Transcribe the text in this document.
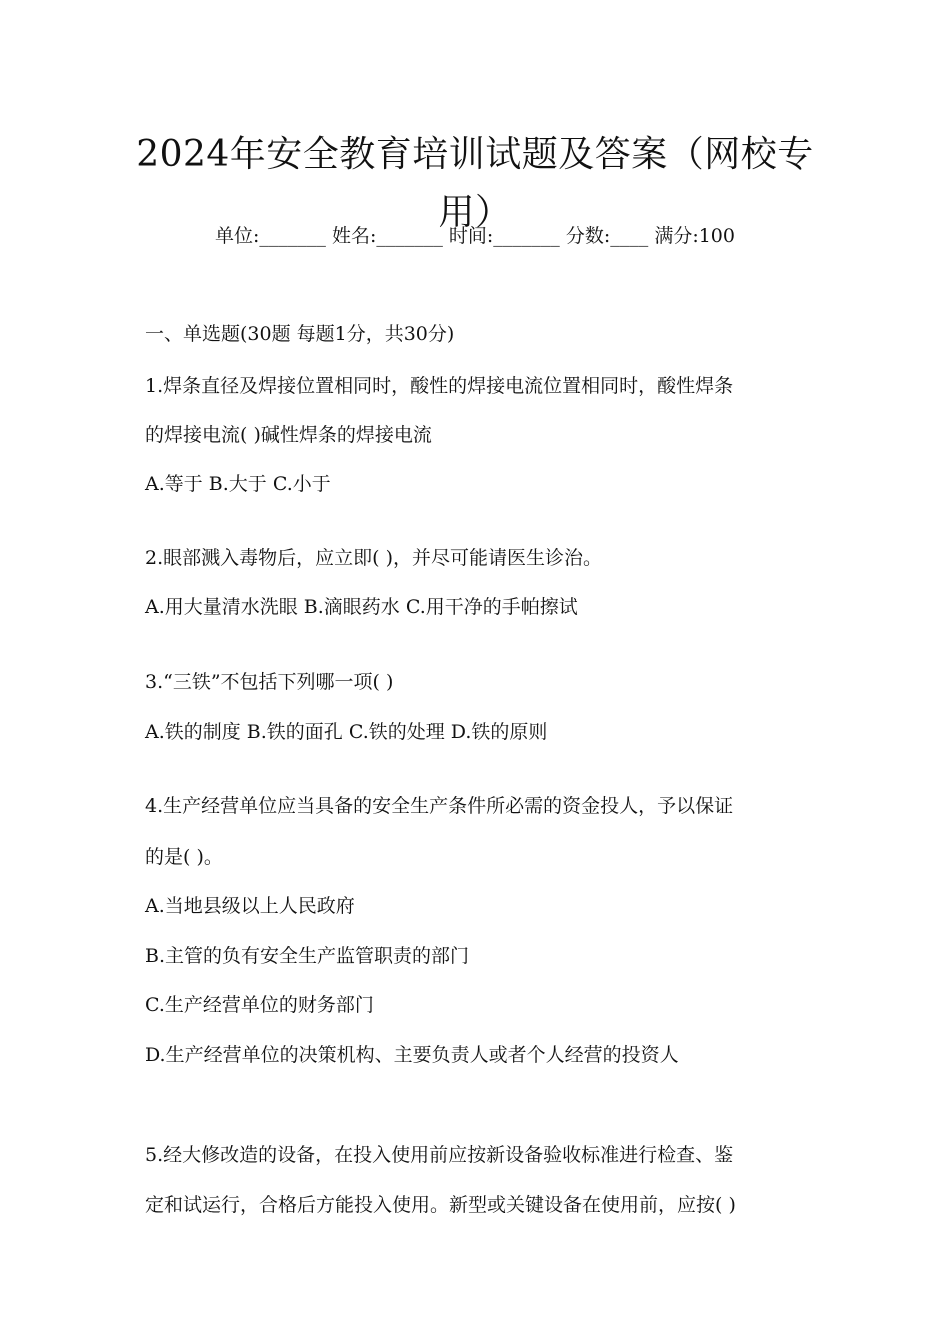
2024年安全教育培训试题及答案（网校专
用）
单位:_______ 姓名:_______ 时间:_______ 分数:____ 满分:100
一、单选题(30题 每题1分，共30分)
1.焊条直径及焊接位置相同时，酸性的焊接电流位置相同时，酸性焊条
的焊接电流( )碱性焊条的焊接电流
A.等于 B.大于 C.小于
2.眼部溅入毒物后，应立即( )，并尽可能请医生诊治。
A.用大量清水洗眼 B.滴眼药水 C.用干净的手帕擦试
3.“三铁”不包括下列哪一项( )
A.铁的制度 B.铁的面孔 C.铁的处理 D.铁的原则
4.生产经营单位应当具备的安全生产条件所必需的资金投人，予以保证
的是( )。
A.当地县级以上人民政府
B.主管的负有安全生产监管职责的部门
C.生产经营单位的财务部门
D.生产经营单位的决策机构、主要负责人或者个人经营的投资人
5.经大修改造的设备，在投入使用前应按新设备验收标准进行检查、鉴
定和试运行，合格后方能投入使用。新型或关键设备在使用前，应按( )
